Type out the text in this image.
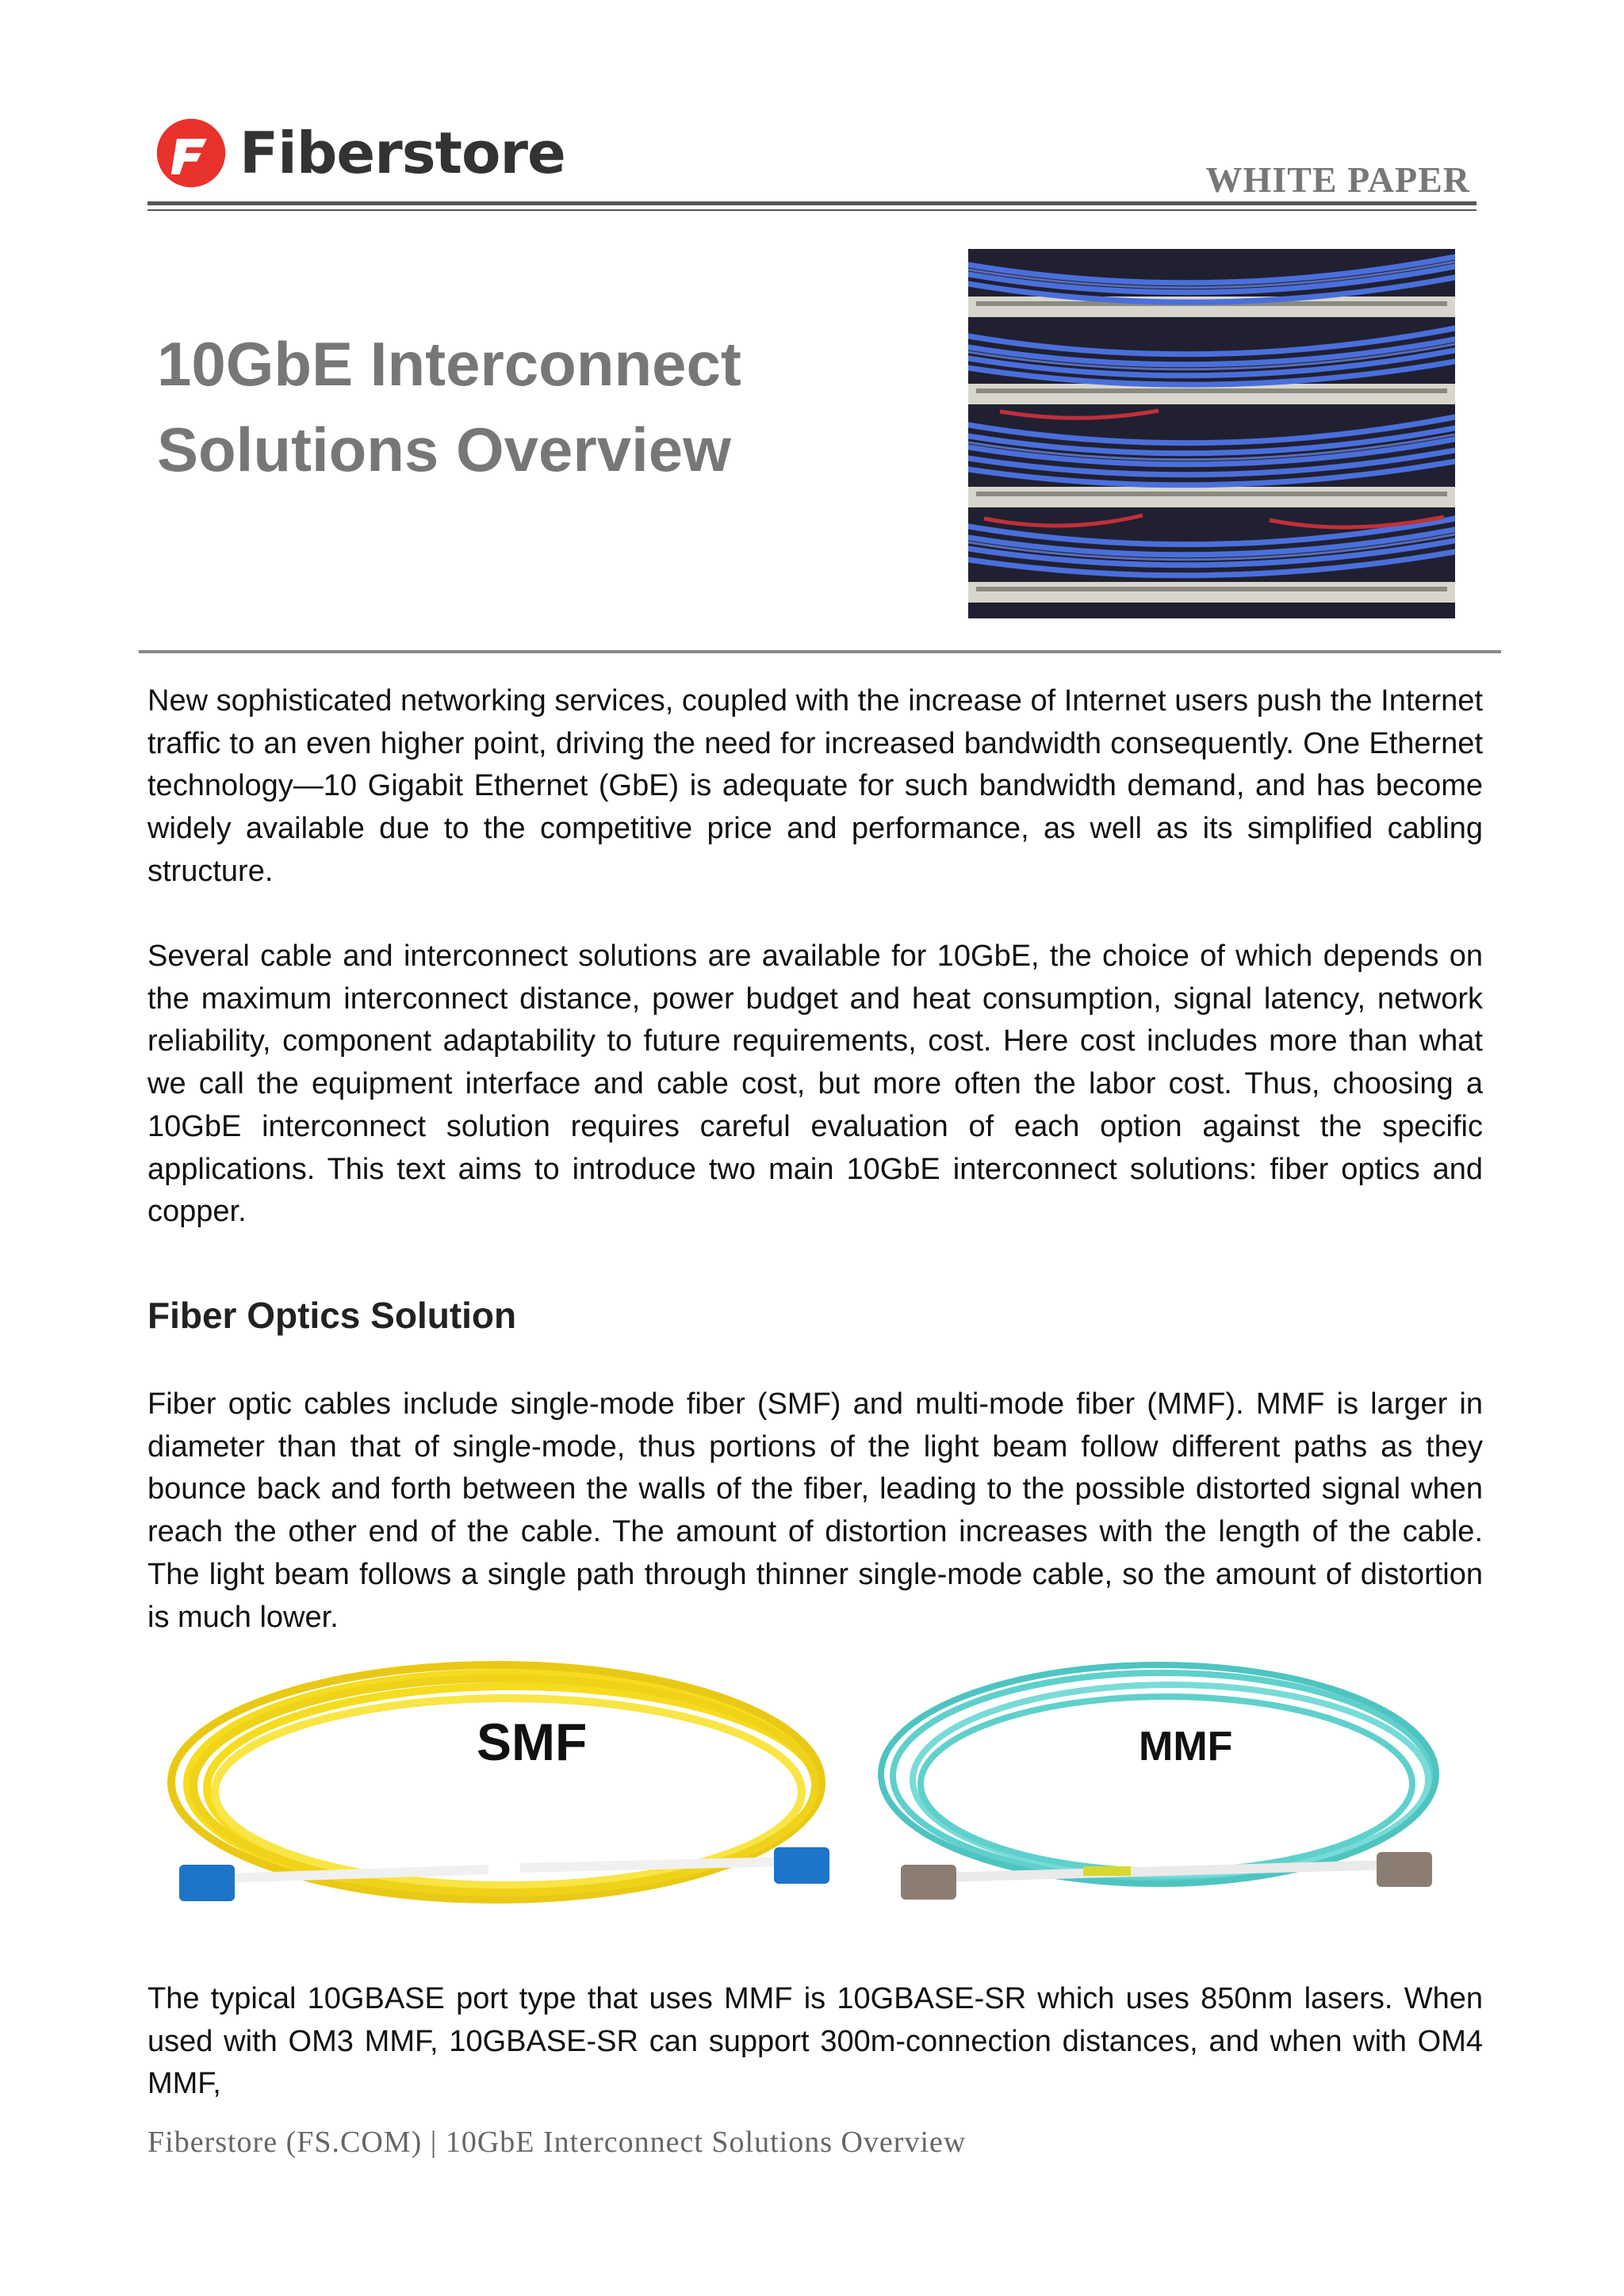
Fiberstore	WHITE PAPER
10GbE Interconnect
Solutions Overview

New sophisticated networking services, coupled with the increase of Internet users push the Internet traffic to an even higher point, driving the need for increased bandwidth consequently. One Ethernet technology—10 Gigabit Ethernet (GbE) is adequate for such bandwidth demand, and has become widely available due to the competitive price and performance, as well as its simplified cabling structure.

Several cable and interconnect solutions are available for 10GbE, the choice of which depends on the maximum interconnect distance, power budget and heat consumption, signal latency, network reliability, component adaptability to future requirements, cost. Here cost includes more than what we call the equipment interface and cable cost, but more often the labor cost. Thus, choosing a 10GbE interconnect solution requires careful evaluation of each option against the specific applications. This text aims to introduce two main 10GbE interconnect solutions: fiber optics and copper.

Fiber Optics Solution

Fiber optic cables include single-mode fiber (SMF) and multi-mode fiber (MMF). MMF is larger in diameter than that of single-mode, thus portions of the light beam follow different paths as they bounce back and forth between the walls of the fiber, leading to the possible distorted signal when reach the other end of the cable. The amount of distortion increases with the length of the cable. The light beam follows a single path through thinner single-mode cable, so the amount of distortion is much lower.

SMF	MMF

The typical 10GBASE port type that uses MMF is 10GBASE-SR which uses 850nm lasers. When used with OM3 MMF, 10GBASE-SR can support 300m-connection distances, and when with OM4 MMF,

Fiberstore (FS.COM) | 10GbE Interconnect Solutions Overview
